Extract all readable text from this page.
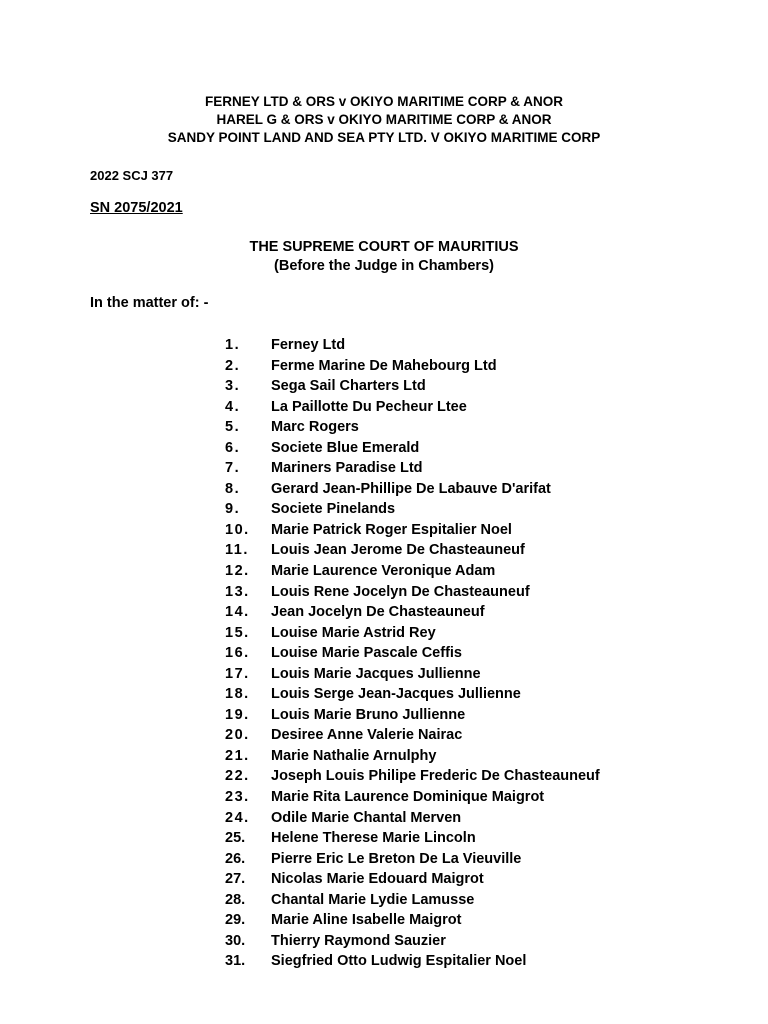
FERNEY LTD & ORS v OKIYO MARITIME CORP & ANOR
HAREL G & ORS v OKIYO MARITIME CORP & ANOR
SANDY POINT LAND AND SEA PTY LTD. V OKIYO MARITIME CORP
2022 SCJ 377
SN 2075/2021
THE SUPREME COURT OF MAURITIUS
(Before the Judge in Chambers)
In the matter of: -
1. Ferney Ltd
2. Ferme Marine De Mahebourg Ltd
3. Sega Sail Charters Ltd
4. La Paillotte Du Pecheur Ltee
5. Marc Rogers
6. Societe Blue Emerald
7. Mariners Paradise Ltd
8. Gerard Jean-Phillipe De Labauve D'arifat
9. Societe Pinelands
10. Marie Patrick Roger Espitalier Noel
11. Louis Jean Jerome De Chasteauneuf
12. Marie Laurence Veronique Adam
13. Louis Rene Jocelyn De Chasteauneuf
14. Jean Jocelyn De Chasteauneuf
15. Louise Marie Astrid Rey
16. Louise Marie Pascale Ceffis
17. Louis Marie Jacques Jullienne
18. Louis Serge Jean-Jacques Jullienne
19. Louis Marie Bruno Jullienne
20. Desiree Anne Valerie Nairac
21. Marie Nathalie Arnulphy
22. Joseph Louis Philipe Frederic De Chasteauneuf
23. Marie Rita Laurence Dominique Maigrot
24. Odile Marie Chantal Merven
25. Helene Therese Marie Lincoln
26. Pierre Eric Le Breton De La Vieuville
27. Nicolas Marie Edouard Maigrot
28. Chantal Marie Lydie Lamusse
29. Marie Aline Isabelle Maigrot
30. Thierry Raymond Sauzier
31. Siegfried Otto Ludwig Espitalier Noel
